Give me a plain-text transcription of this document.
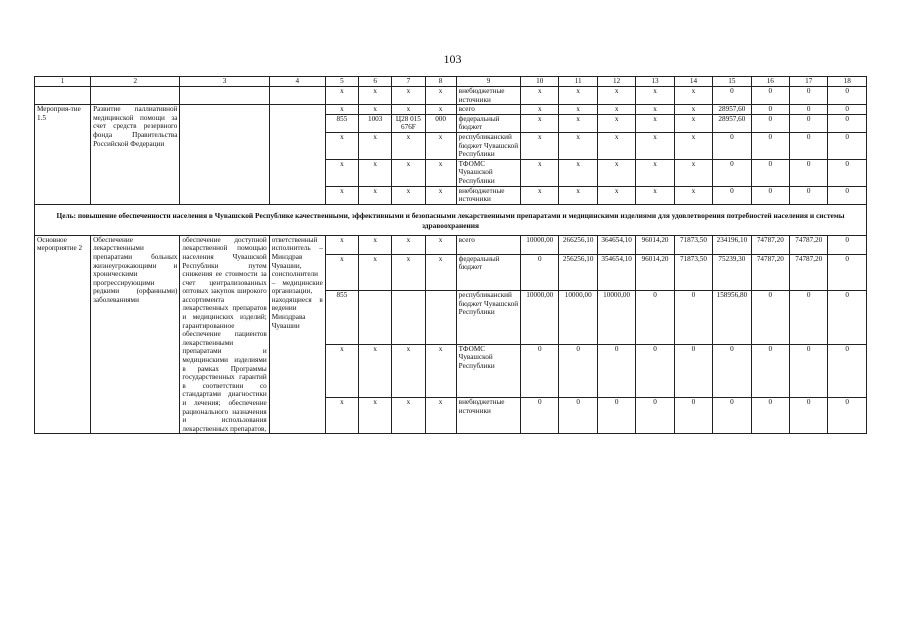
103
1	2	3	4	5	6	7	8	9	10	11	12	13	14	15	16	17	18
				х	х	х	х	внебюджетные источники	х	х	х	х	х	0	0	0	0
Мероприя-тие 1.5	Развитие паллиативной медицинской помощи за счет средств резервного фонда Правительства Российской Федерации			х	х	х	х	всего	х	х	х	х	х	28957,60	0	0	0
				855	1003	Ц28 015 676F	000	федеральный бюджет	х	х	х	х	х	28957,60	0	0	0
				х	х	х	х	республиканский бюджет Чувашской Республики	х	х	х	х	х	0	0	0	0
				х	х	х	х	ТФОМС Чувашской Республики	х	х	х	х	х	0	0	0	0
				х	х	х	х	внебюджетные источники	х	х	х	х	х	0	0	0	0
Цель: повышение обеспеченности населения в Чувашской Республике качественными, эффективными и безопасными лекарственными препаратами и медицинскими изделиями для удовлетворения потребностей населения и системы здравоохранения																	
Основное мероприятие 2	Обеспечение лекарственными препаратами больных жизнеугрожающими и хроническими прогрессирующими редкими (орфанными) заболеваниями	обеспечение доступной лекарственной помощью населения Чувашской Республики путем снижения ее стоимости за счет централизованных оптовых закупок широкого ассортимента лекарственных препаратов и медицинских изделий; гарантированное обеспечение пациентов лекарственными препаратами и медицинскими изделиями в рамках Программы государственных гарантий в соответствии со стандартами диагностики и лечения; обеспечение рационального назначения и использования лекарственных препаратов,	ответственный исполнитель – Минздрав Чувашии, соисполнители – медицинские организации, находящиеся в ведении Минздрава Чувашии	х	х	х	х	всего	10000,00	266256,10	364654,10	96014,20	71873,50	234196,10	74787,20	74787,20	0
				х	х	х	х	федеральный бюджет	0	256256,10	354654,10	96014,20	71873,50	75239,30	74787,20	74787,20	0
				855				республиканский бюджет Чувашской Республики	10000,00	10000,00	10000,00	0	0	158956,80	0	0	0
				х	х	х	х	ТФОМС Чувашской Республики	0	0	0	0	0	0	0	0	0
				х	х	х	х	внебюджетные источники	0	0	0	0	0	0	0	0	0
